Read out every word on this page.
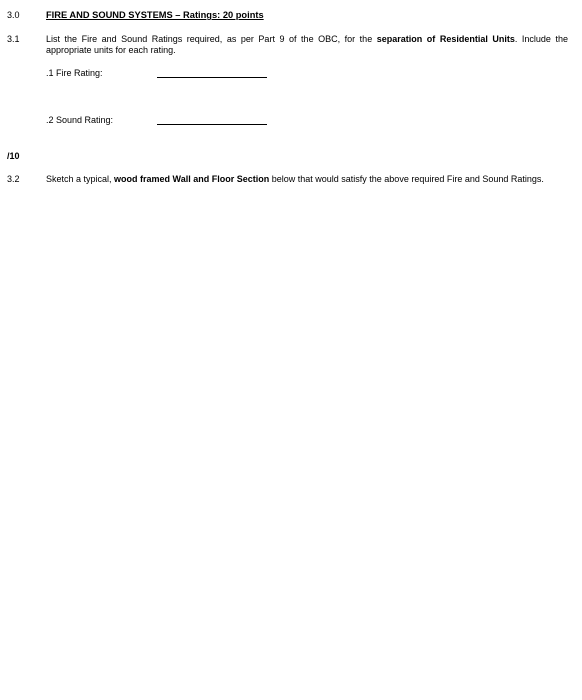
3.0	FIRE AND SOUND SYSTEMS – Ratings: 20 points
3.1	List the Fire and Sound Ratings required, as per Part 9 of the OBC, for the separation of Residential Units. Include the appropriate units for each rating.
.1 Fire Rating:
.2 Sound Rating:
/10
3.2	Sketch a typical, wood framed Wall and Floor Section below that would satisfy the above required Fire and Sound Ratings.
